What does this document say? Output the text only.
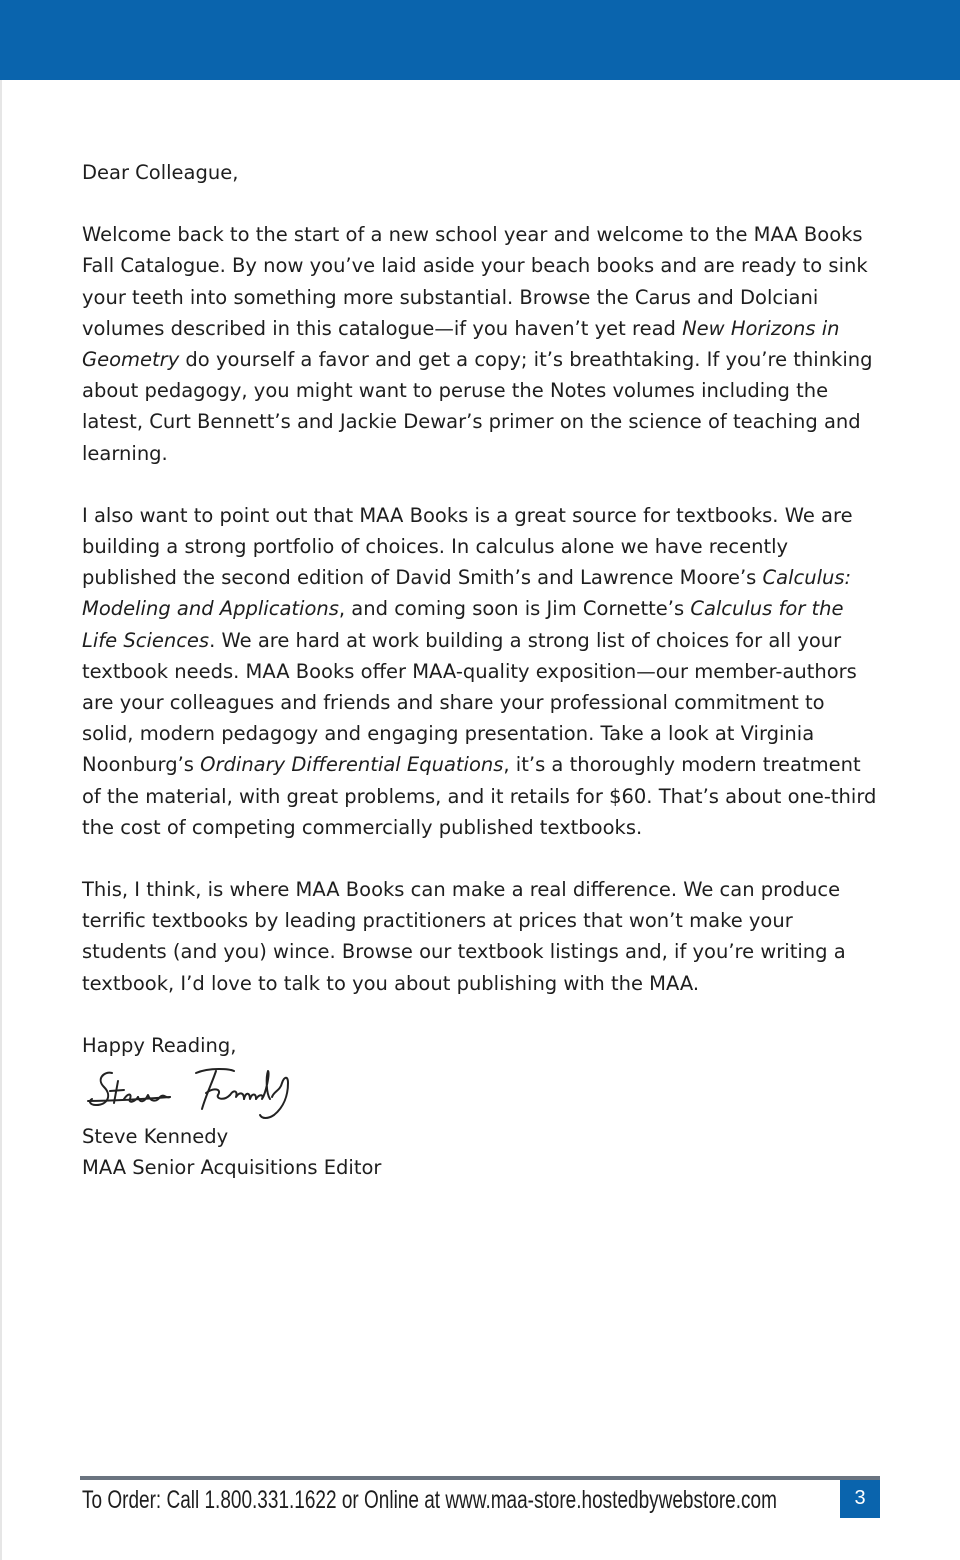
Dear Colleague,

Welcome back to the start of a new school year and welcome to the MAA Books Fall Catalogue. By now you’ve laid aside your beach books and are ready to sink your teeth into something more substantial. Browse the Carus and Dolciani volumes described in this catalogue—if you haven’t yet read New Horizons in Geometry do yourself a favor and get a copy; it’s breathtaking. If you’re thinking about pedagogy, you might want to peruse the Notes volumes including the latest, Curt Bennett’s and Jackie Dewar’s primer on the science of teaching and learning.

I also want to point out that MAA Books is a great source for textbooks. We are building a strong portfolio of choices. In calculus alone we have recently published the second edition of David Smith’s and Lawrence Moore’s Calculus: Modeling and Applications, and coming soon is Jim Cornette’s Calculus for the Life Sciences. We are hard at work building a strong list of choices for all your textbook needs. MAA Books offer MAA-quality exposition—our member-authors are your colleagues and friends and share your professional commitment to solid, modern pedagogy and engaging presentation. Take a look at Virginia Noonburg’s Ordinary Differential Equations, it’s a thoroughly modern treatment of the material, with great problems, and it retails for $60. That’s about one-third the cost of competing commercially published textbooks.

This, I think, is where MAA Books can make a real difference. We can produce terrific textbooks by leading practitioners at prices that won’t make your students (and you) wince. Browse our textbook listings and, if you’re writing a textbook, I’d love to talk to you about publishing with the MAA.

Happy Reading,

Steve Kennedy

MAA Senior Acquisitions Editor

To Order: Call 1.800.331.1622 or Online at www.maa-store.hostedbywebstore.com	3
